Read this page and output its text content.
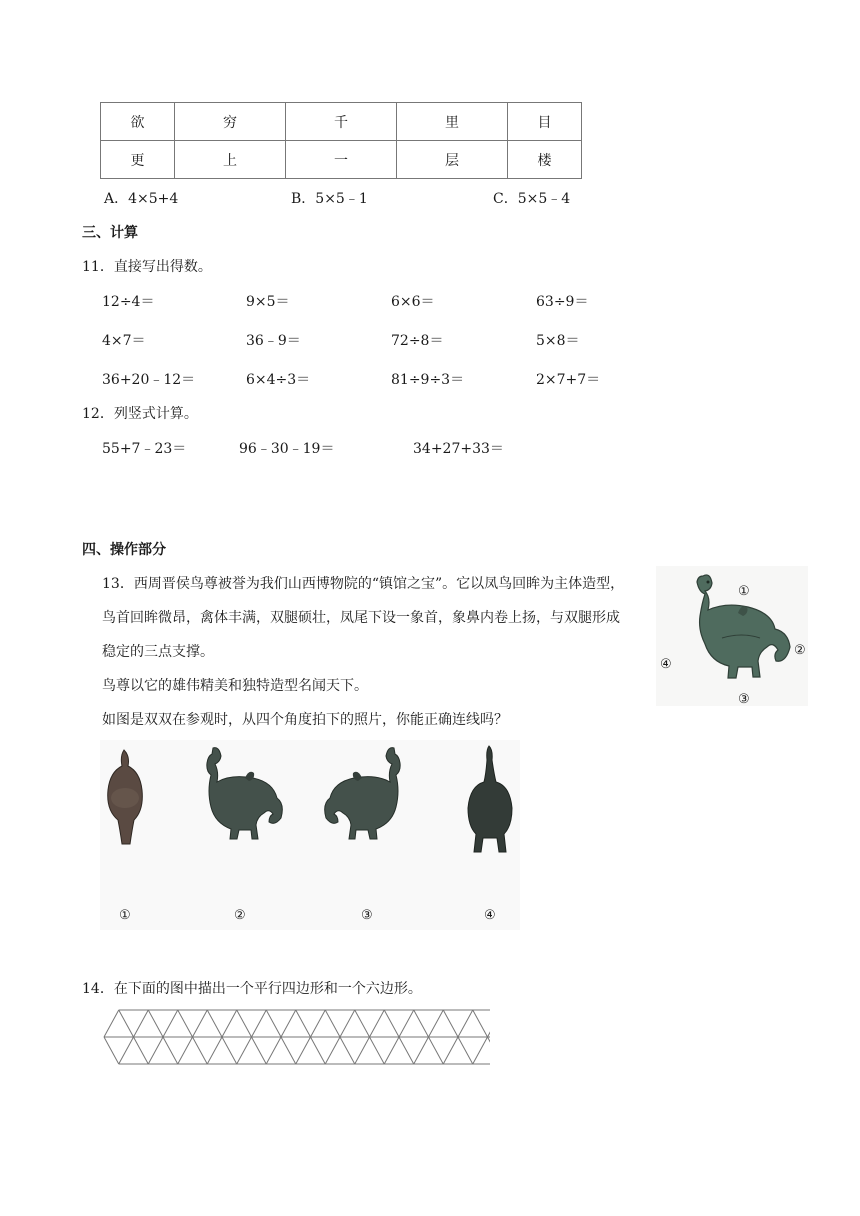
欲	穷	千	里	目
更	上	一	层	楼
A．4×5+4	B．5×5﹣1	C．5×5﹣4
三、计算
11．直接写出得数。
12÷4＝	9×5＝	6×6＝	63÷9＝
4×7＝	36﹣9＝	72÷8＝	5×8＝
36+20﹣12＝	6×4÷3＝	81÷9÷3＝	2×7+7＝
12．列竖式计算。
55+7﹣23＝	96﹣30﹣19＝	34+27+33＝
四、操作部分
13．西周晋侯鸟尊被誉为我们山西博物院的“镇馆之宝”。它以凤鸟回眸为主体造型，
鸟首回眸微昂，禽体丰满，双腿硕壮，凤尾下设一象首，象鼻内卷上扬，与双腿形成
稳定的三点支撑。
鸟尊以它的雄伟精美和独特造型名闻天下。
如图是双双在参观时，从四个角度拍下的照片，你能正确连线吗？
①
②
③
④
①	②	③	④
14．在下面的图中描出一个平行四边形和一个六边形。
